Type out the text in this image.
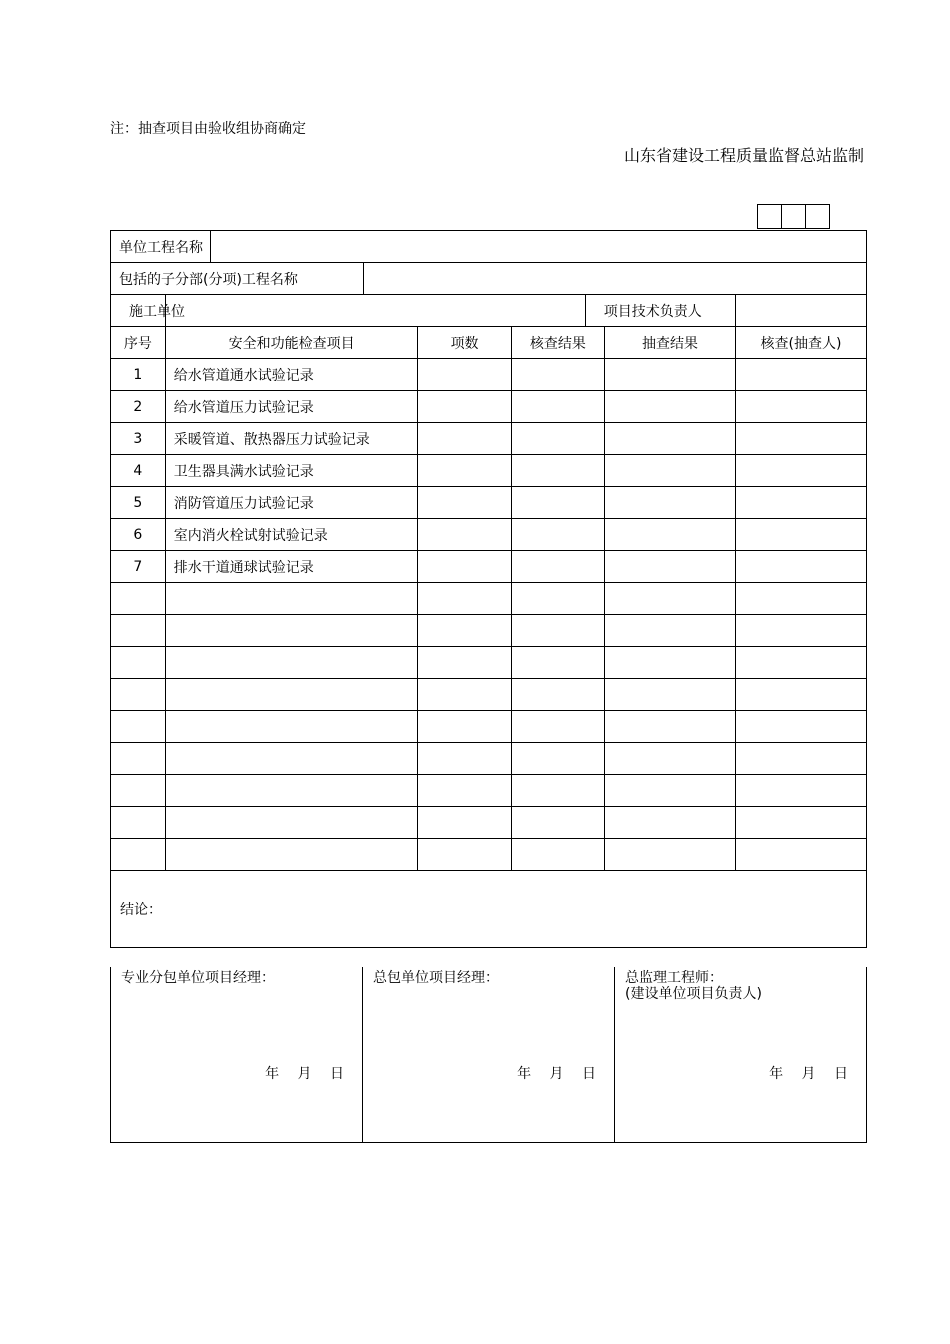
注：抽查项目由验收组协商确定
山东省建设工程质量监督总站监制
单位工程名称								
包括的子分部(分项)工程名称								
施工单位						项目技术负责人		
序号	安全和功能检查项目			项数	核查结果		抽查结果	核查(抽查人)
1	给水管道通水试验记录							
2	给水管道压力试验记录							
3	采暖管道、散热器压力试验记录							
4	卫生器具满水试验记录							
5	消防管道压力试验记录							
6	室内消火栓试射试验记录							
7	排水干道通球试验记录							

结论：								
专业分包单位项目经理：

年 月 日

总包单位项目经理：

年 月 日

总监理工程师：
(建设单位项目负责人)
年 月 日
